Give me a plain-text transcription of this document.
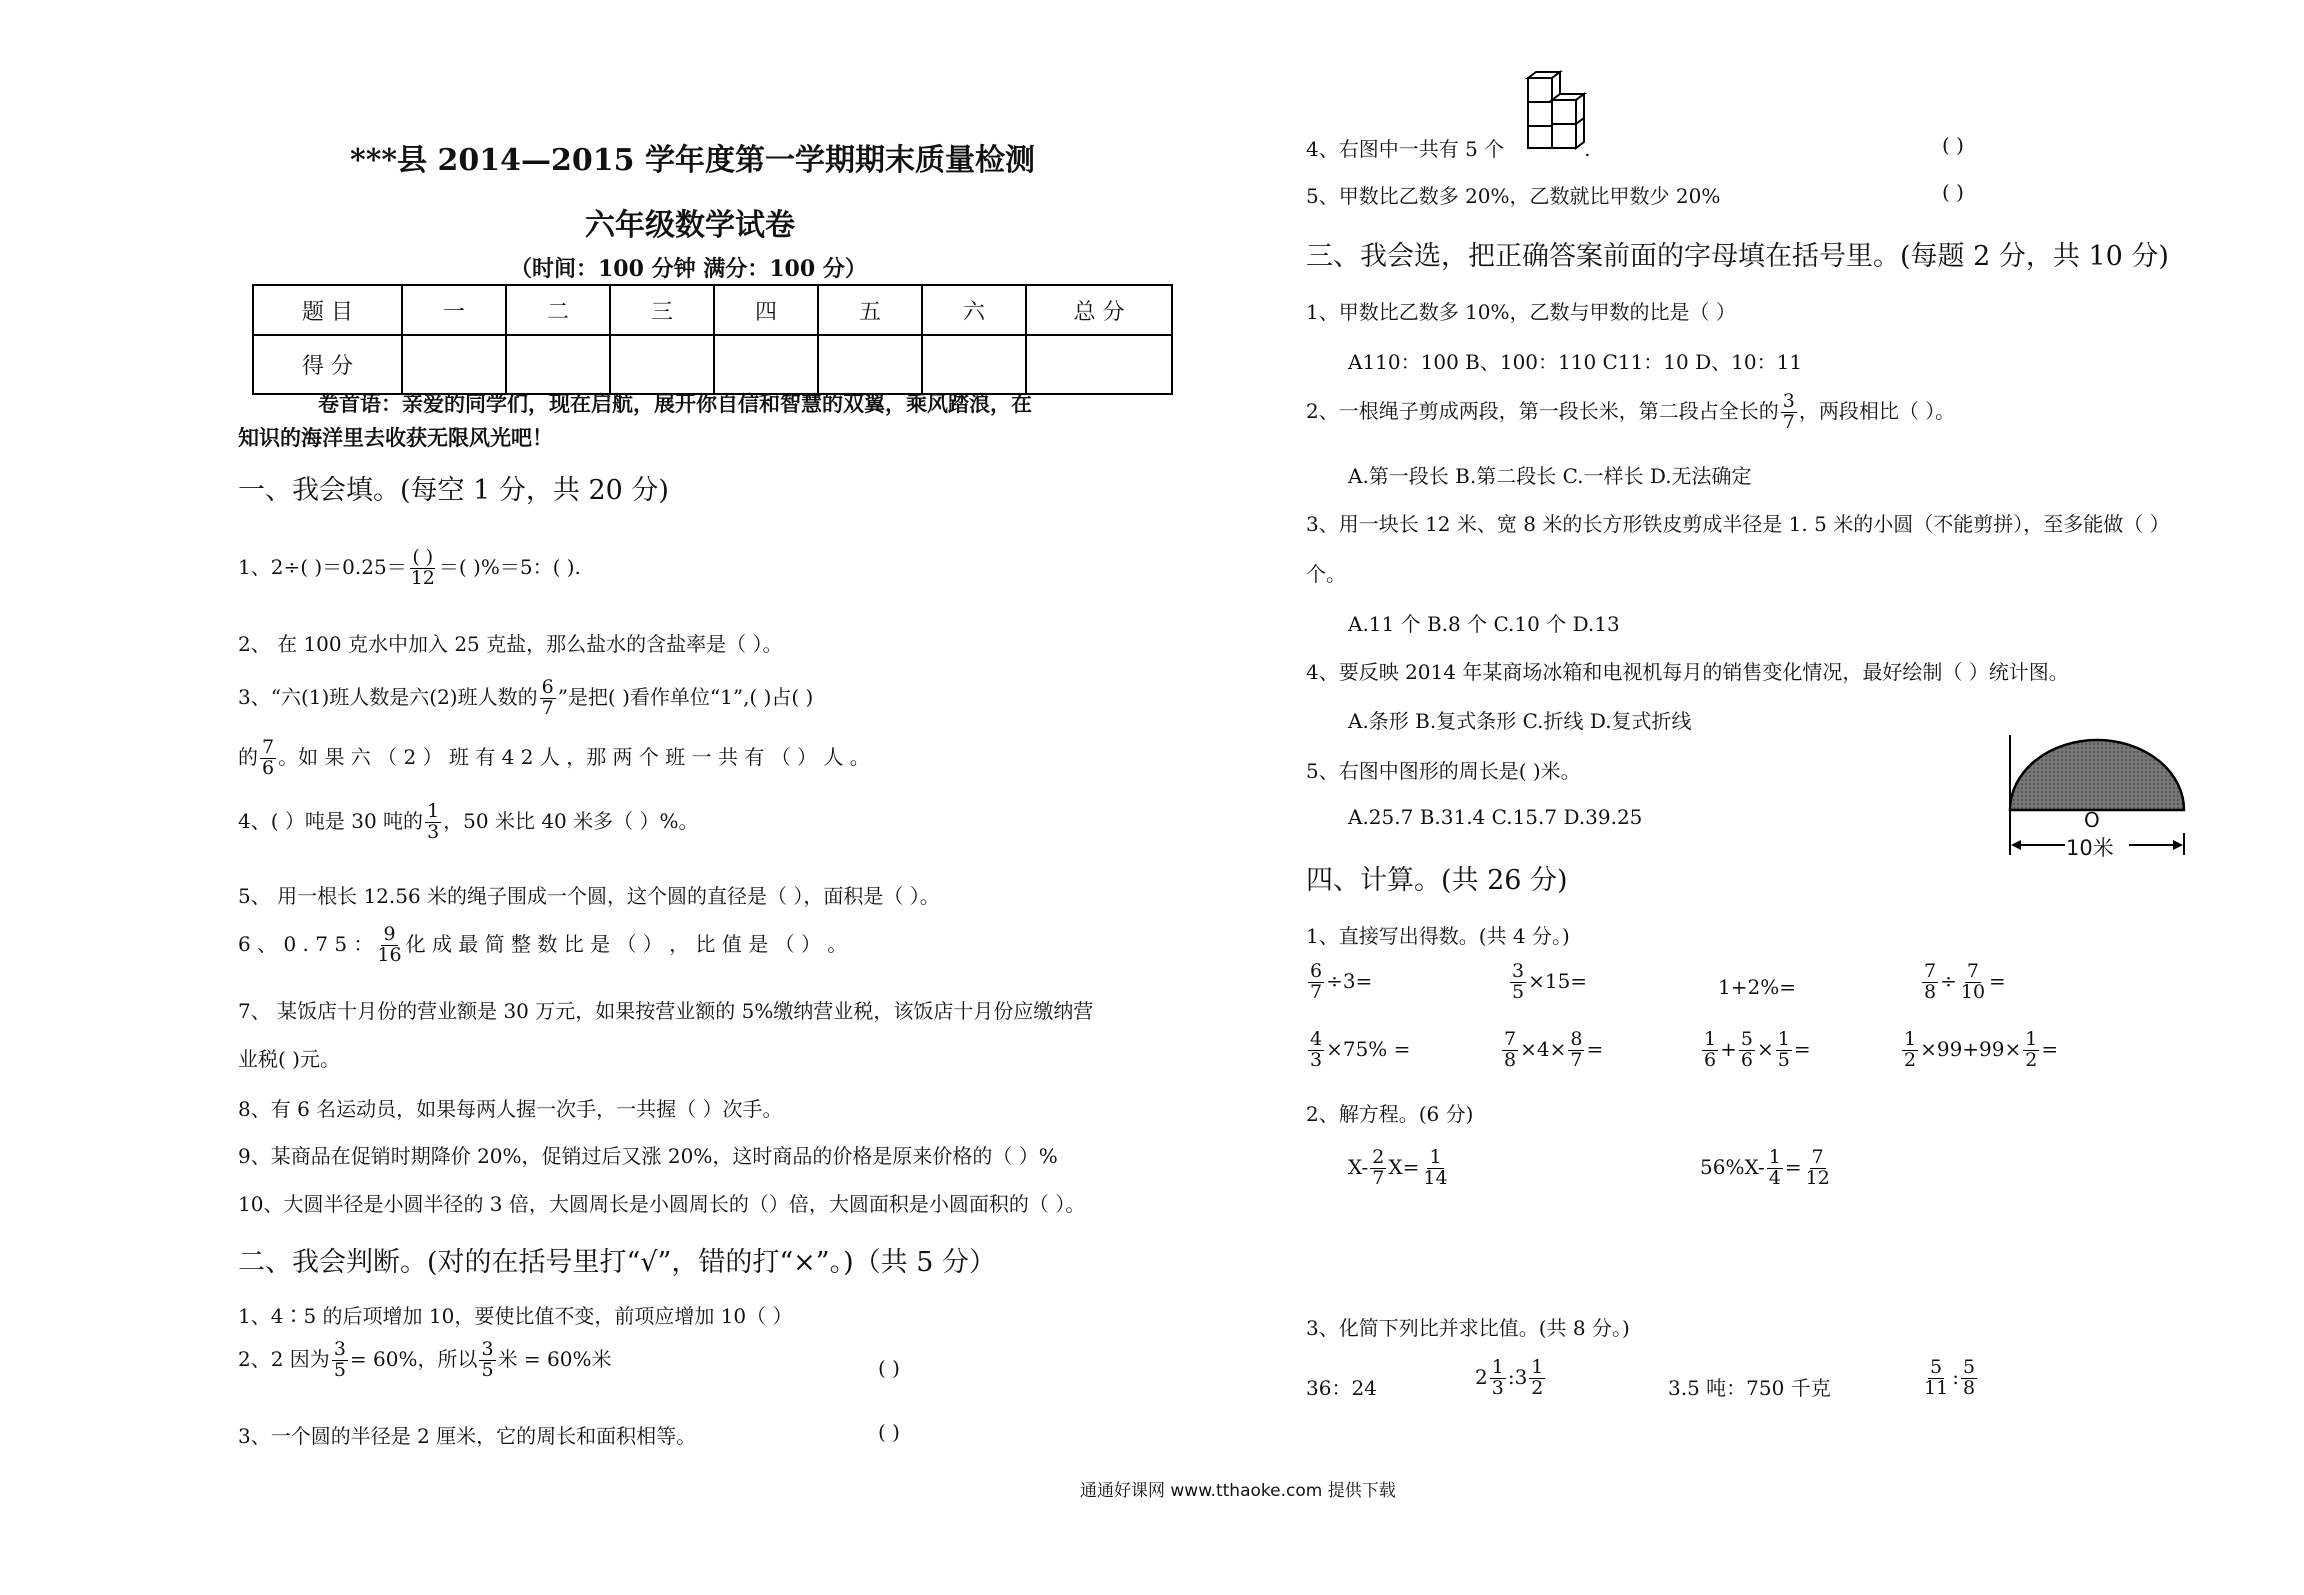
***县 2014—2015 学年度第一学期期末质量检测
六年级数学试卷
（时间：100 分钟 满分：100 分）
题 目	一	二	三	四	五	六	总 分
得 分							
卷首语：亲爱的同学们，现在启航，展开你自信和智慧的双翼，乘风踏浪，在
知识的海洋里去收获无限风光吧！
一、我会填。(每空 1 分，共 20 分)
1、2÷( )$=0.25= \frac{( )}{12}$ ＝( )%＝5：( ).
2、 在 100 克水中加入 25 克盐，那么盐水的含盐率是（ ）。
3、“六(1)班人数是六(2)班人数的 $\frac{6}{7}$ ”是把( )看作单位“1”,( )占( )
的 $\frac{7}{6}$ 。如 果 六 （ 2 ） 班 有 4 2 人 ，那 两 个 班 一 共 有 （ ） 人 。
4、( ）吨是 30 吨的 $\frac{1}{3}$ ，50 米比 40 米多（ ）%。
5、 用一根长 12.56 米的绳子围成一个圆，这个圆的直径是（ ），面积是（ ）。
6 、 0 . 7 5 ： $\frac{9}{16}$ 化 成 最 简 整 数 比 是 （ ） ， 比 值 是 （ ） 。
7、 某饭店十月份的营业额是 30 万元，如果按营业额的 5%缴纳营业税，该饭店十月份应缴纳营
业税( )元。
8、有 6 名运动员，如果每两人握一次手，一共握（ ）次手。
9、某商品在促销时期降价 20%，促销过后又涨 20%，这时商品的价格是原来价格的（ ）%
10、大圆半径是小圆半径的 3 倍，大圆周长是小圆周长的（）倍，大圆面积是小圆面积的（ ）。
二、我会判断。(对的在括号里打“√”，错的打“×”。)（共 5 分）
1、4∶5 的后项增加 10，要使比值不变，前项应增加 10（ ）
2、2 因为 $\frac{3}{5} = 60\%$，所以 $\frac{3}{5}$ 米 = 60%米	( )
3、一个圆的半径是 2 厘米，它的周长和面积相等。	( )
4、右图中一共有 5 个	.	( )
5、甲数比乙数多 20%，乙数就比甲数少 20%	( )
三、我会选，把正确答案前面的字母填在括号里。(每题 2 分，共 10 分)
1、甲数比乙数多 10%，乙数与甲数的比是（ ）
A110：100 B、100：110 C11：10 D、10：11
2、一根绳子剪成两段，第一段长米，第二段占全长的 $\frac{3}{7}$ ，两段相比（ ）。
A.第一段长 B.第二段长 C.一样长 D.无法确定
3、用一块长 12 米、宽 8 米的长方形铁皮剪成半径是 1. 5 米的小圆（不能剪拼），至多能做（ ）
个。
A.11 个 B.8 个 C.10 个 D.13
4、要反映 2014 年某商场冰箱和电视机每月的销售变化情况，最好绘制（ ）统计图。
A.条形 B.复式条形 C.折线 D.复式折线
5、右图中图形的周长是( )米。
A.25.7 B.31.4 C.15.7 D.39.25	O
10米
四、计算。(共 26 分)
1、直接写出得数。(共 4 分。)
$\frac{6}{7} \div 3=$	$\frac{3}{5} \times 15=$	1+2%=	$\frac{7}{8} \div \frac{7}{10}$ =
$\frac{4}{3} \times 75\%$ =	$\frac{7}{8} \times 4\times \frac{8}{7}$ =	$\frac{1}{6} + \frac{5}{6} \times \frac{1}{5}$ =	$\frac{1}{2} \times 99+99\times \frac{1}{2}$ =
2、解方程。(6 分)
$X- \frac{2}{7} X= \frac{1}{14}$	$56\%X- \frac{1}{4} = \frac{7}{12}$
3、化简下列比并求比值。(共 8 分。)
36：24	$2 \frac{1}{3}$ :3 $\frac{1}{2}$	3.5 吨：750 千克	$\frac{5}{11}$ : $\frac{5}{8}$
通通好课网 www.tthaoke.com 提供下载
